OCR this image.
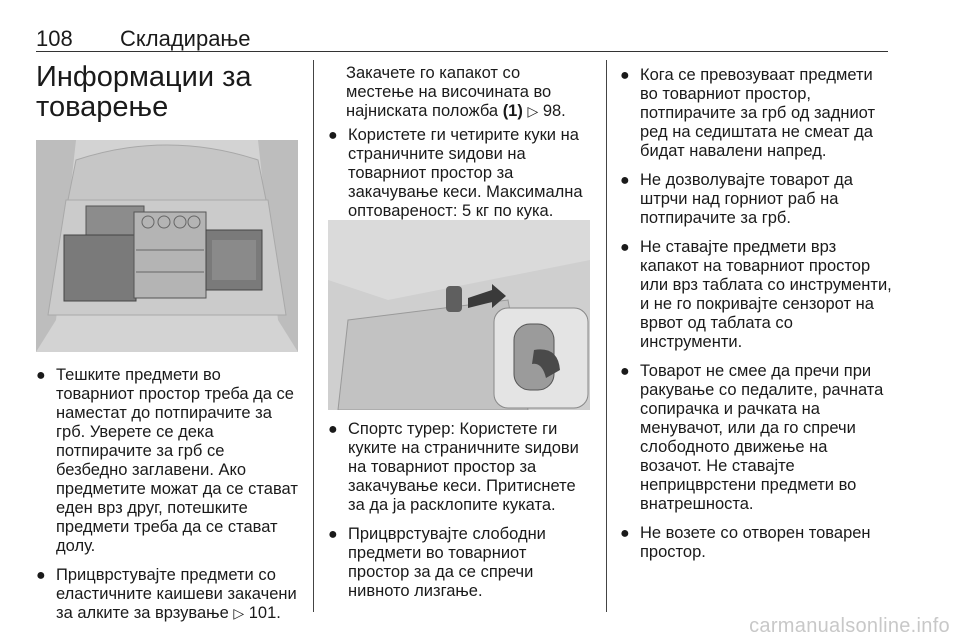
108 Складирање
Информации за
товарење
● Тешките предмети во товарниот простор треба да се наместат до потпирачите за грб. Уверете се дека потпирачите за грб се безбедно заглавени. Ако предметите можат да се стават еден врз друг, потешките предмети треба да се стават долу.
● Прицврстувајте предмети со еластичните каишеви закачени за алките за врзување ▷ 101.
Закачете го капакот со местење на височината во најниската положба (1) ▷ 98.
● Користете ги четирите куки на страничните ѕидови на товарниот простор за закачување кеси. Максимална оптовареност: 5 кг по кука.
● Спортс турер: Користете ги куките на страничните ѕидови на товарниот простор за закачување кеси. Притиснете за да ја расклопите куката.
● Прицврстувајте слободни предмети во товарниот простор за да се спречи нивното лизгање.
● Кога се превозуваат предмети во товарниот простор, потпирачите за грб од задниот ред на седиштата не смеат да бидат навалени напред.
● Не дозволувајте товарот да штрчи над горниот раб на потпирачите за грб.
● Не ставајте предмети врз капакот на товарниот простор или врз таблата со инструменти, и не го покривајте сензорот на врвот од таблата со инструменти.
● Товарот не смее да пречи при ракување со педалите, рачната сопирачка и рачката на менувачот, или да го спречи слободното движење на возачот. Не ставајте неприцврстени предмети во внатрешноста.
● Не возете со отворен товарен простор.
carmanualsonline.info
